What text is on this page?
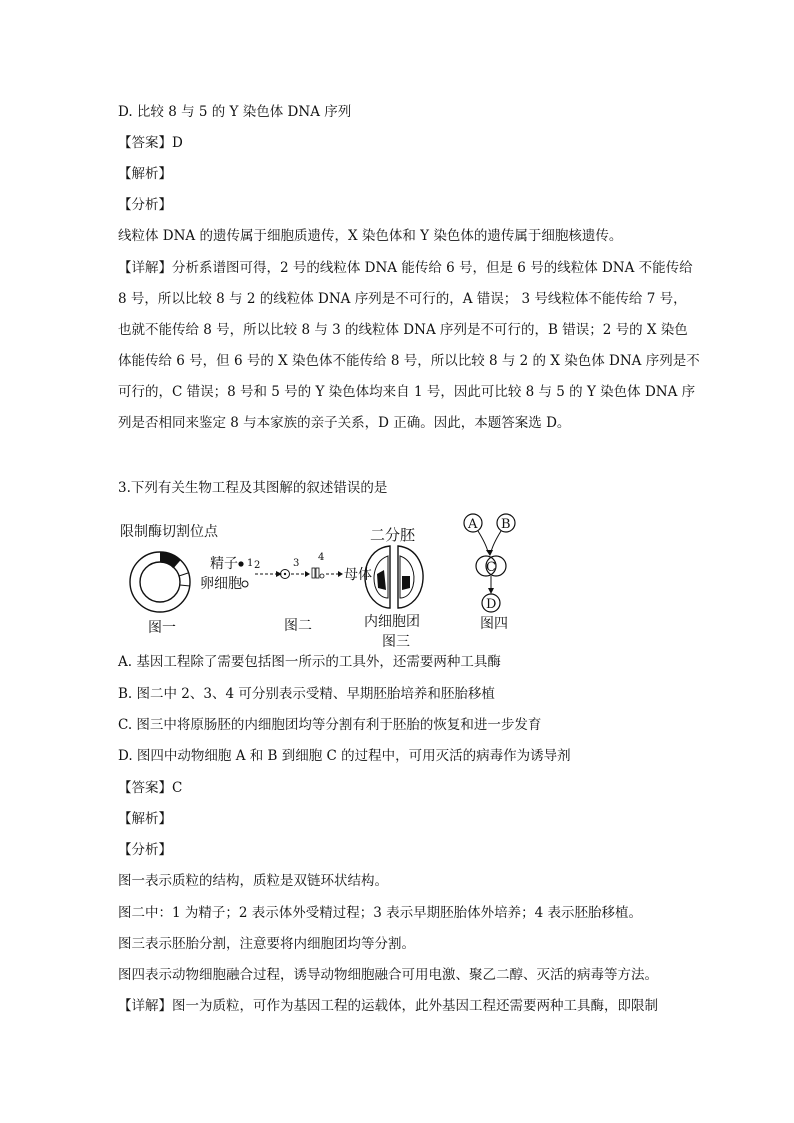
D. 比较 8 与 5 的 Y 染色体 DNA 序列
【答案】D
【解析】
【分析】
线粒体 DNA 的遗传属于细胞质遗传，X 染色体和 Y 染色体的遗传属于细胞核遗传。
【详解】分析系谱图可得，2 号的线粒体 DNA 能传给 6 号，但是 6 号的线粒体 DNA 不能传给
8 号，所以比较 8 与 2 的线粒体 DNA 序列是不可行的，A 错误； 3 号线粒体不能传给 7 号，
也就不能传给 8 号，所以比较 8 与 3 的线粒体 DNA 序列是不可行的，B 错误；2 号的 X 染色
体能传给 6 号，但 6 号的 X 染色体不能传给 8 号，所以比较 8 与 2 的 X 染色体 DNA 序列是不
可行的，C 错误；8 号和 5 号的 Y 染色体均来自 1 号，因此可比较 8 与 5 的 Y 染色体 DNA 序
列是否相同来鉴定 8 与本家族的亲子关系，D 正确。因此，本题答案选 D。
3.下列有关生物工程及其图解的叙述错误的是
限制酶切割位点
图一
精子
卵细胞
1 2	3
4
母体
图二
二分胚
内细胞团
图三
A B
C
D
图四
A. 基因工程除了需要包括图一所示的工具外，还需要两种工具酶
B. 图二中 2、3、4 可分别表示受精、早期胚胎培养和胚胎移植
C. 图三中将原肠胚的内细胞团均等分割有利于胚胎的恢复和进一步发育
D. 图四中动物细胞 A 和 B 到细胞 C 的过程中，可用灭活的病毒作为诱导剂
【答案】C
【解析】
【分析】
图一表示质粒的结构，质粒是双链环状结构。
图二中：1 为精子；2 表示体外受精过程；3 表示早期胚胎体外培养；4 表示胚胎移植。
图三表示胚胎分割，注意要将内细胞团均等分割。
图四表示动物细胞融合过程，诱导动物细胞融合可用电激、聚乙二醇、灭活的病毒等方法。
【详解】图一为质粒，可作为基因工程的运载体，此外基因工程还需要两种工具酶，即限制
